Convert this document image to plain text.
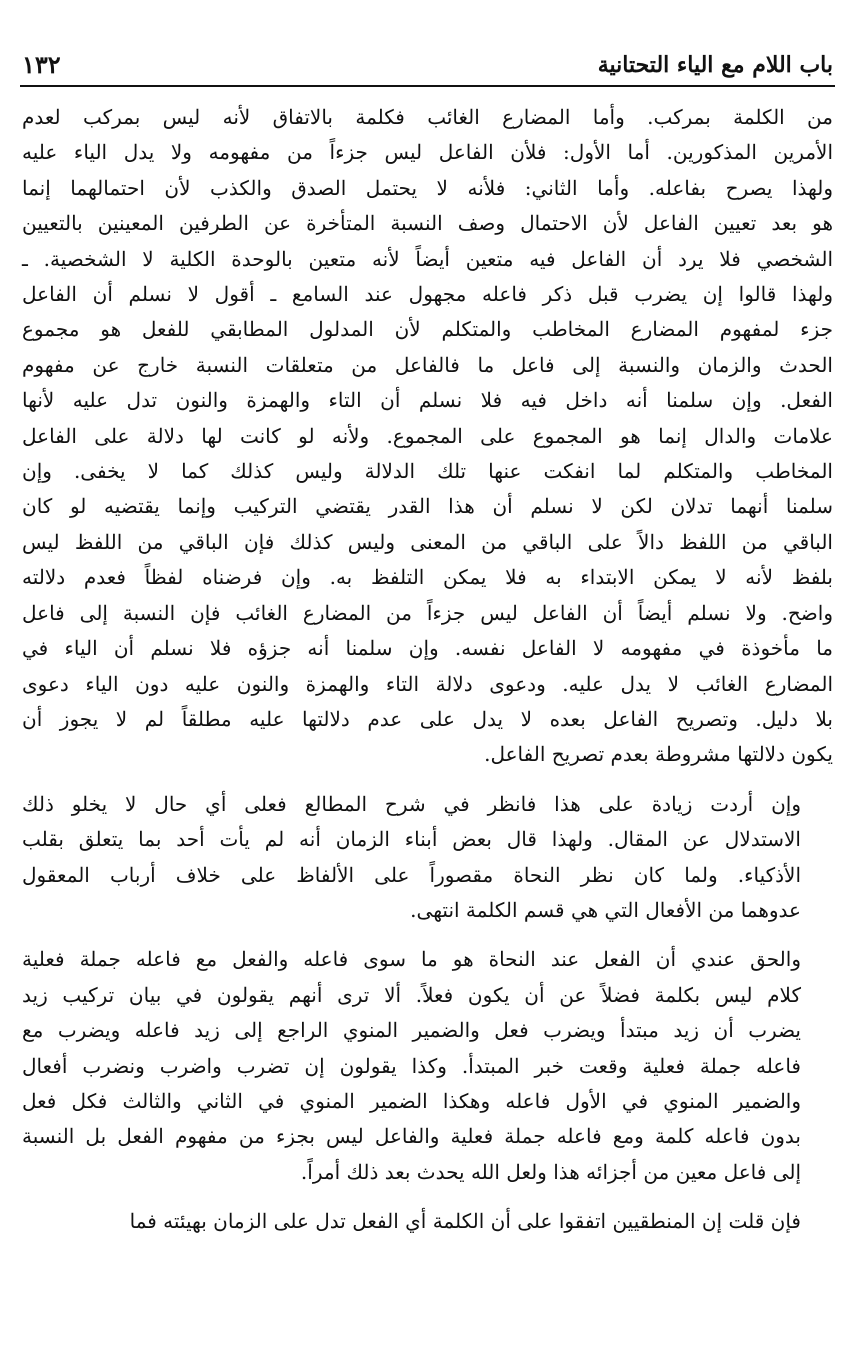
باب اللام مع الياء التحتانية
١٣٢

من الكلمة بمركب. وأما المضارع الغائب فكلمة بالاتفاق لأنه ليس بمركب لعدم
الأمرين المذكورين. أما الأول: فلأن الفاعل ليس جزءاً من مفهومه ولا يدل الياء عليه
ولهذا يصرح بفاعله. وأما الثاني: فلأنه لا يحتمل الصدق والكذب لأن احتمالهما إنما
هو بعد تعيين الفاعل لأن الاحتمال وصف النسبة المتأخرة عن الطرفين المعينين بالتعيين
الشخصي فلا يرد أن الفاعل فيه متعين أيضاً لأنه متعين بالوحدة الكلية لا الشخصية. ـ
ولهذا قالوا إن يضرب قبل ذكر فاعله مجهول عند السامع ـ أقول لا نسلم أن الفاعل
جزء لمفهوم المضارع المخاطب والمتكلم لأن المدلول المطابقي للفعل هو مجموع
الحدث والزمان والنسبة إلى فاعل ما فالفاعل من متعلقات النسبة خارج عن مفهوم
الفعل. وإن سلمنا أنه داخل فيه فلا نسلم أن التاء والهمزة والنون تدل عليه لأنها
علامات والدال إنما هو المجموع على المجموع. ولأنه لو كانت لها دلالة على الفاعل
المخاطب والمتكلم لما انفكت عنها تلك الدلالة وليس كذلك كما لا يخفى. وإن
سلمنا أنهما تدلان لكن لا نسلم أن هذا القدر يقتضي التركيب وإنما يقتضيه لو كان
الباقي من اللفظ دالاً على الباقي من المعنى وليس كذلك فإن الباقي من اللفظ ليس
بلفظ لأنه لا يمكن الابتداء به فلا يمكن التلفظ به. وإن فرضناه لفظاً فعدم دلالته
واضح. ولا نسلم أيضاً أن الفاعل ليس جزءاً من المضارع الغائب فإن النسبة إلى فاعل
ما مأخوذة في مفهومه لا الفاعل نفسه. وإن سلمنا أنه جزؤه فلا نسلم أن الياء في
المضارع الغائب لا يدل عليه. ودعوى دلالة التاء والهمزة والنون عليه دون الياء دعوى
بلا دليل. وتصريح الفاعل بعده لا يدل على عدم دلالتها عليه مطلقاً لم لا يجوز أن
يكون دلالتها مشروطة بعدم تصريح الفاعل.

وإن أردت زيادة على هذا فانظر في شرح المطالع فعلى أي حال لا يخلو ذلك
الاستدلال عن المقال. ولهذا قال بعض أبناء الزمان أنه لم يأت أحد بما يتعلق بقلب
الأذكياء. ولما كان نظر النحاة مقصوراً على الألفاظ على خلاف أرباب المعقول
عدوهما من الأفعال التي هي قسم الكلمة انتهى.

والحق عندي أن الفعل عند النحاة هو ما سوى فاعله والفعل مع فاعله جملة فعلية
كلام ليس بكلمة فضلاً عن أن يكون فعلاً. ألا ترى أنهم يقولون في بيان تركيب زيد
يضرب أن زيد مبتدأ ويضرب فعل والضمير المنوي الراجع إلى زيد فاعله ويضرب مع
فاعله جملة فعلية وقعت خبر المبتدأ. وكذا يقولون إن تضرب واضرب ونضرب أفعال
والضمير المنوي في الأول فاعله وهكذا الضمير المنوي في الثاني والثالث فكل فعل
بدون فاعله كلمة ومع فاعله جملة فعلية والفاعل ليس بجزء من مفهوم الفعل بل النسبة
إلى فاعل معين من أجزائه هذا ولعل الله يحدث بعد ذلك أمراً.

فإن قلت إن المنطقيين اتفقوا على أن الكلمة أي الفعل تدل على الزمان بهيئته فما
